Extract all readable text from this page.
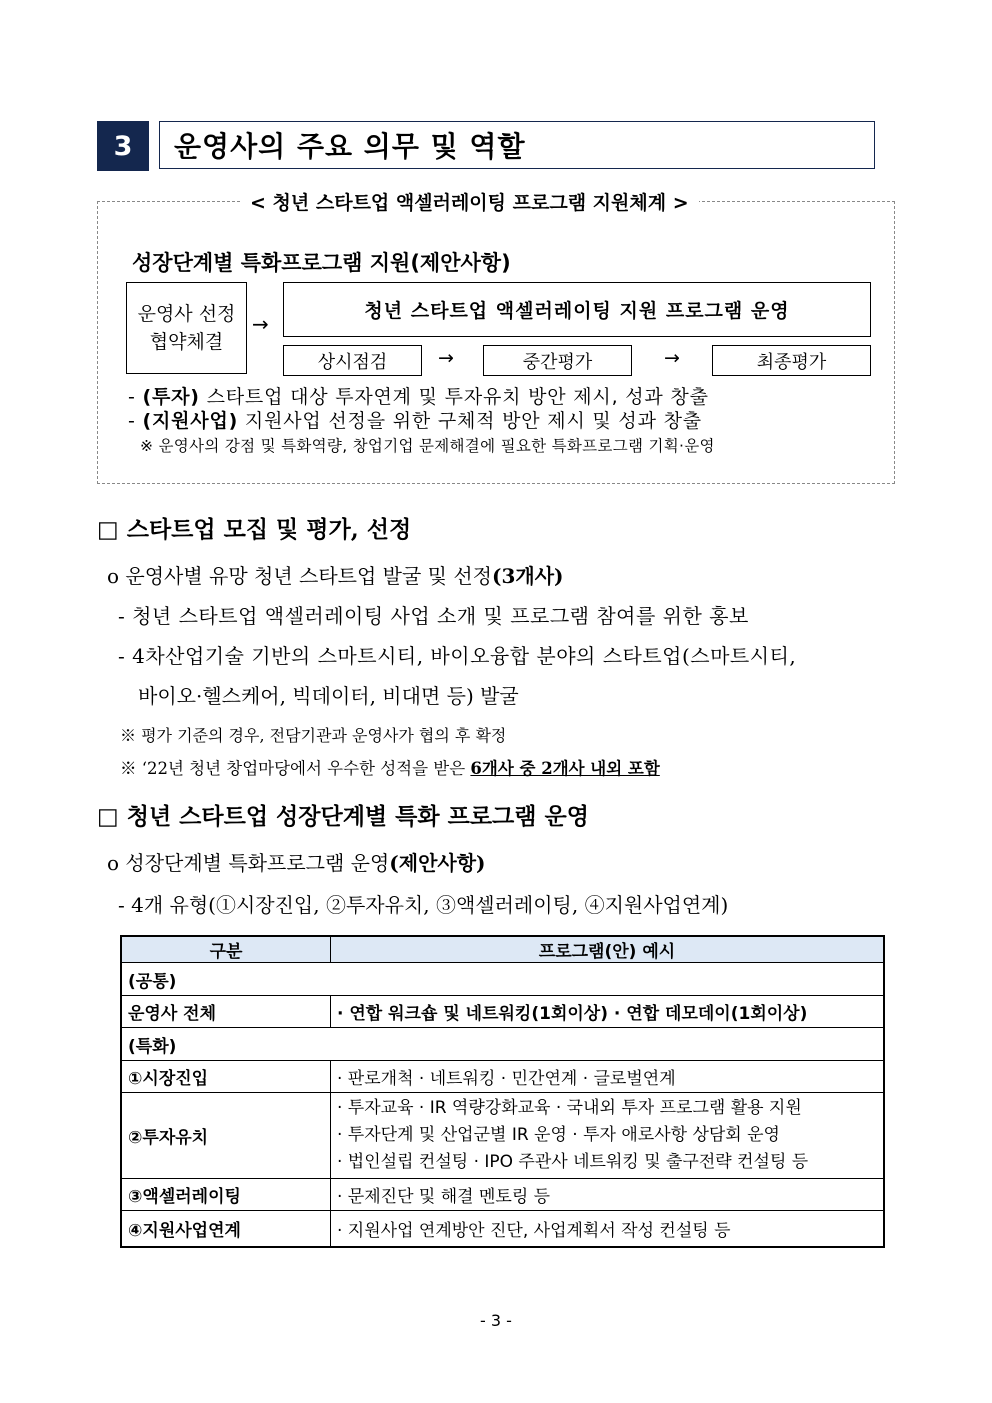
3	운영사의 주요 의무 및 역할
< 청년 스타트업 액셀러레이팅 프로그램 지원체계 >
성장단계별 특화프로그램 지원(제안사항)
운영사 선정
협약체결
→
청년 스타트업 액셀러레이팅 지원 프로그램 운영
상시점검	→	중간평가	→	최종평가
- (투자) 스타트업 대상 투자연계 및 투자유치 방안 제시, 성과 창출
- (지원사업) 지원사업 선정을 위한 구체적 방안 제시 및 성과 창출
※ 운영사의 강점 및 특화역량, 창업기업 문제해결에 필요한 특화프로그램 기획·운영
□ 스타트업 모집 및 평가, 선정
o 운영사별 유망 청년 스타트업 발굴 및 선정(3개사)
- 청년 스타트업 액셀러레이팅 사업 소개 및 프로그램 참여를 위한 홍보
- 4차산업기술 기반의 스마트시티, 바이오융합 분야의 스타트업(스마트시티,
바이오·헬스케어, 빅데이터, 비대면 등) 발굴
※ 평가 기준의 경우, 전담기관과 운영사가 협의 후 확정
※ ‘22년 청년 창업마당에서 우수한 성적을 받은 6개사 중 2개사 내외 포함
□ 청년 스타트업 성장단계별 특화 프로그램 운영
o 성장단계별 특화프로그램 운영(제안사항)
- 4개 유형(①시장진입, ②투자유치, ③액셀러레이팅, ④지원사업연계)
구분	프로그램(안) 예시
(공통)	
운영사 전체	· 연합 워크숍 및 네트워킹(1회이상) · 연합 데모데이(1회이상)
(특화)	
①시장진입	· 판로개척 · 네트워킹 · 민간연계 · 글로벌연계
②투자유치	· 투자교육 · IR 역량강화교육 · 국내외 투자 프로그램 활용 지원
· 투자단계 및 산업군별 IR 운영 · 투자 애로사항 상담회 운영
· 법인설립 컨설팅 · IPO 주관사 네트워킹 및 출구전략 컨설팅 등

③액셀러레이팅	· 문제진단 및 해결 멘토링 등
④지원사업연계	· 지원사업 연계방안 진단, 사업계획서 작성 컨설팅 등
- 3 -
